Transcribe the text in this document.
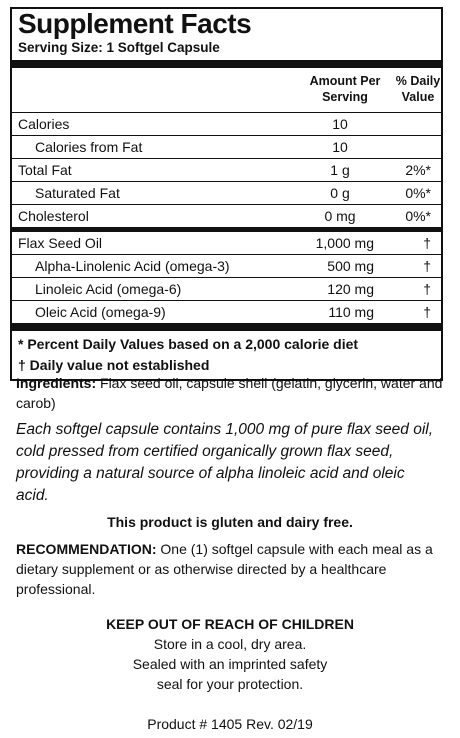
Supplement Facts
Serving Size: 1 Softgel Capsule
Amount Per Serving
% Daily Value
Calories	10
Calories from Fat	10
Total Fat	1 g	2%*
Saturated Fat	0 g	0%*
Cholesterol	0 mg	0%*
Flax Seed Oil	1,000 mg	†
Alpha-Linolenic Acid (omega-3)	500 mg	†
Linoleic Acid (omega-6)	120 mg	†
Oleic Acid (omega-9)	110 mg	†
* Percent Daily Values based on a 2,000 calorie diet
† Daily value not established
Ingredients: Flax seed oil, capsule shell (gelatin, glycerin, water and carob)
Each softgel capsule contains 1,000 mg of pure flax seed oil, cold pressed from certified organically grown flax seed, providing a natural source of alpha linoleic acid and oleic acid.
This product is gluten and dairy free.
RECOMMENDATION: One (1) softgel capsule with each meal as a dietary supplement or as otherwise directed by a healthcare professional.
KEEP OUT OF REACH OF CHILDREN
Store in a cool, dry area.
Sealed with an imprinted safety
seal for your protection.
Product # 1405 Rev. 02/19
